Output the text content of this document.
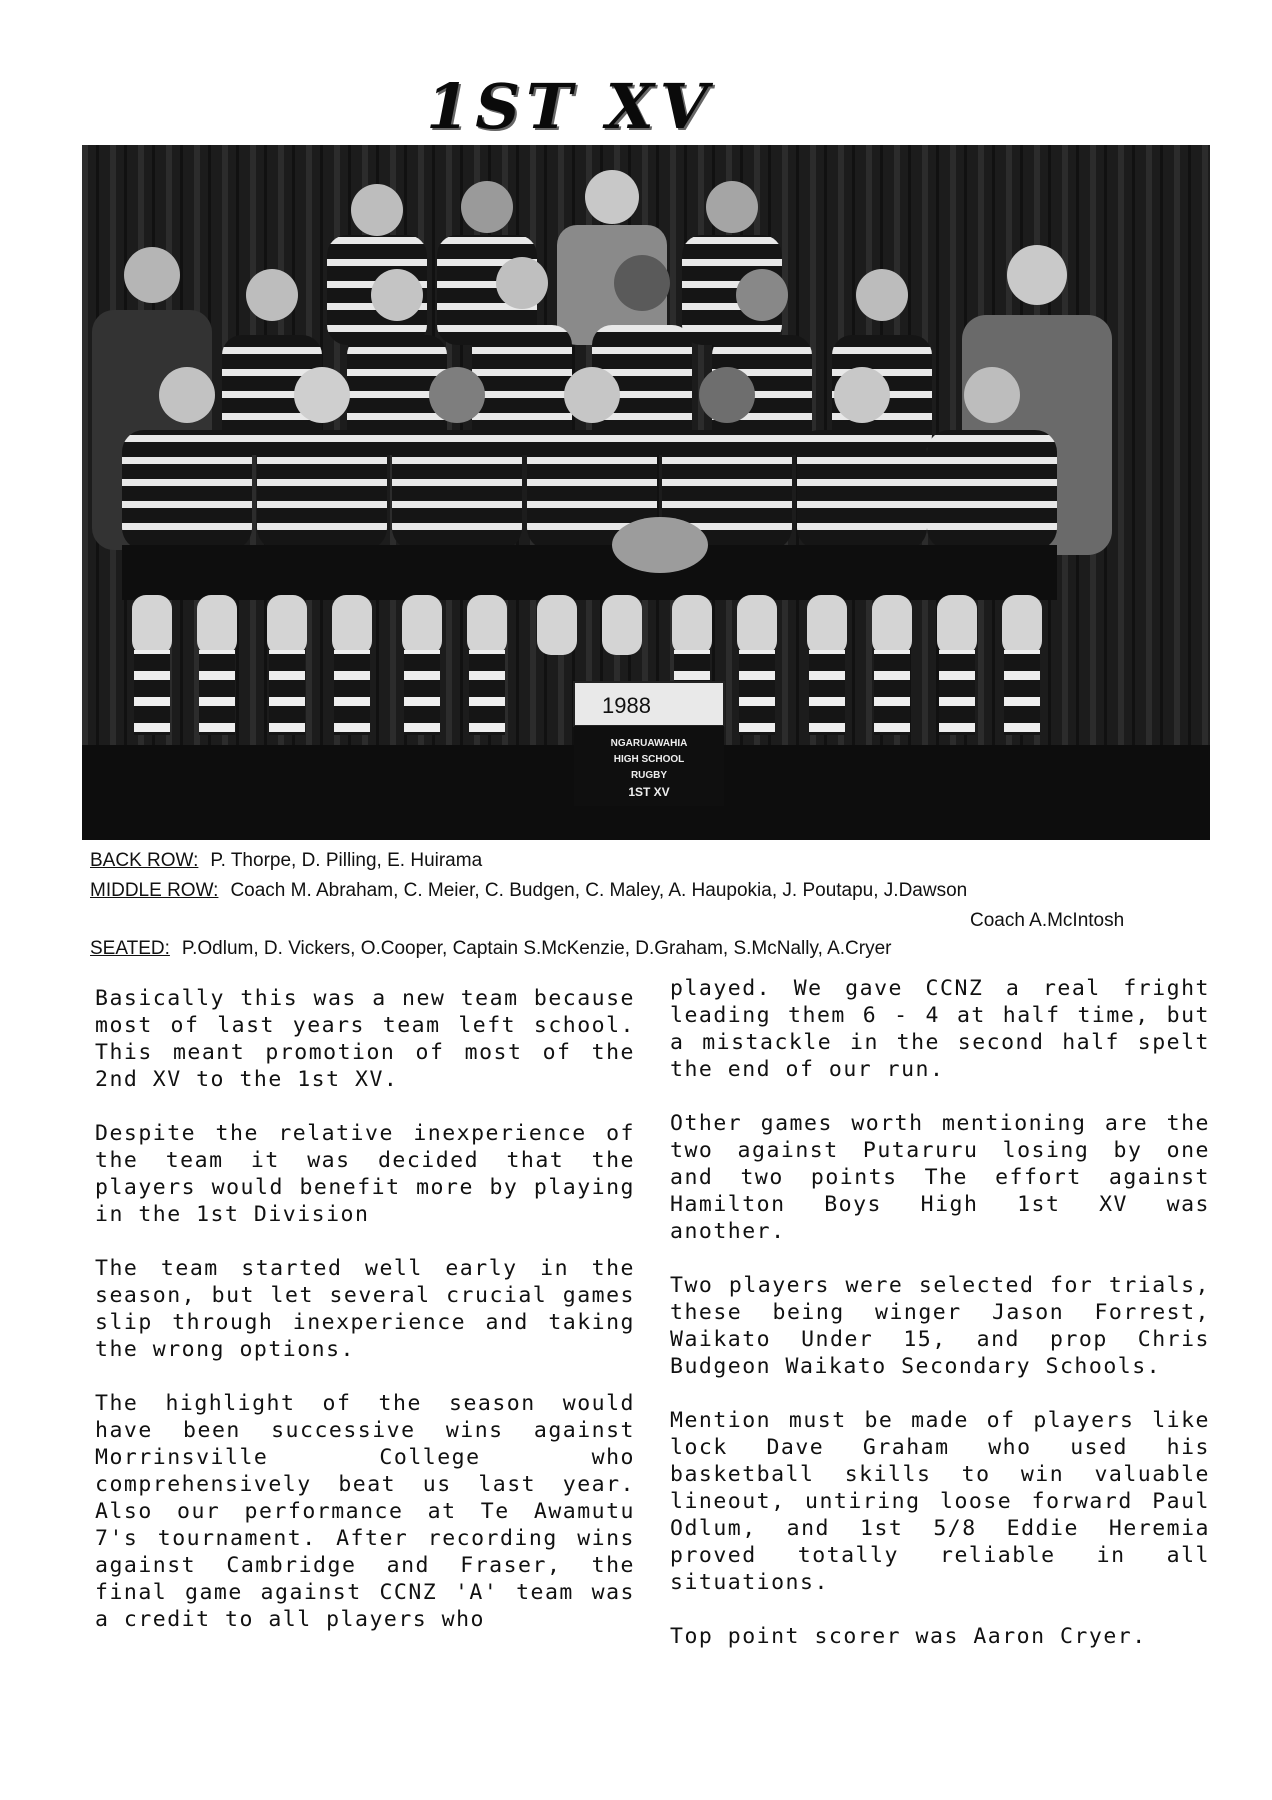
1ST XV
1988
NGARUAWAHIA
HIGH SCHOOL
RUGBY
1ST XV
BACK ROW: P. Thorpe, D. Pilling, E. Huirama
MIDDLE ROW: Coach M. Abraham, C. Meier, C. Budgen, C. Maley, A. Haupokia, J. Poutapu, J.Dawson
Coach A.McIntosh
SEATED: P.Odlum, D. Vickers, O.Cooper, Captain S.McKenzie, D.Graham, S.McNally, A.Cryer

Basically this was a new team because most of last years team left school. This meant promotion of most of the 2nd XV to the 1st XV.

Despite the relative inexperience of the team it was decided that the players would benefit more by playing in the 1st Division

The team started well early in the season, but let several crucial games slip through inexperience and taking the wrong options.

The highlight of the season would have been successive wins against Morrinsville College who comprehensively beat us last year. Also our performance at Te Awamutu 7's tournament. After recording wins against Cambridge and Fraser, the final game against CCNZ 'A' team was a credit to all players who

played. We gave CCNZ a real fright leading them 6 - 4 at half time, but a mistackle in the second half spelt the end of our run.

Other games worth mentioning are the two against Putaruru losing by one and two points The effort against Hamilton Boys High 1st XV was another.

Two players were selected for trials, these being winger Jason Forrest, Waikato Under 15, and prop Chris Budgeon Waikato Secondary Schools.

Mention must be made of players like lock Dave Graham who used his basketball skills to win valuable lineout, untiring loose forward Paul Odlum, and 1st 5/8 Eddie Heremia proved totally reliable in all situations.

Top point scorer was Aaron Cryer.
